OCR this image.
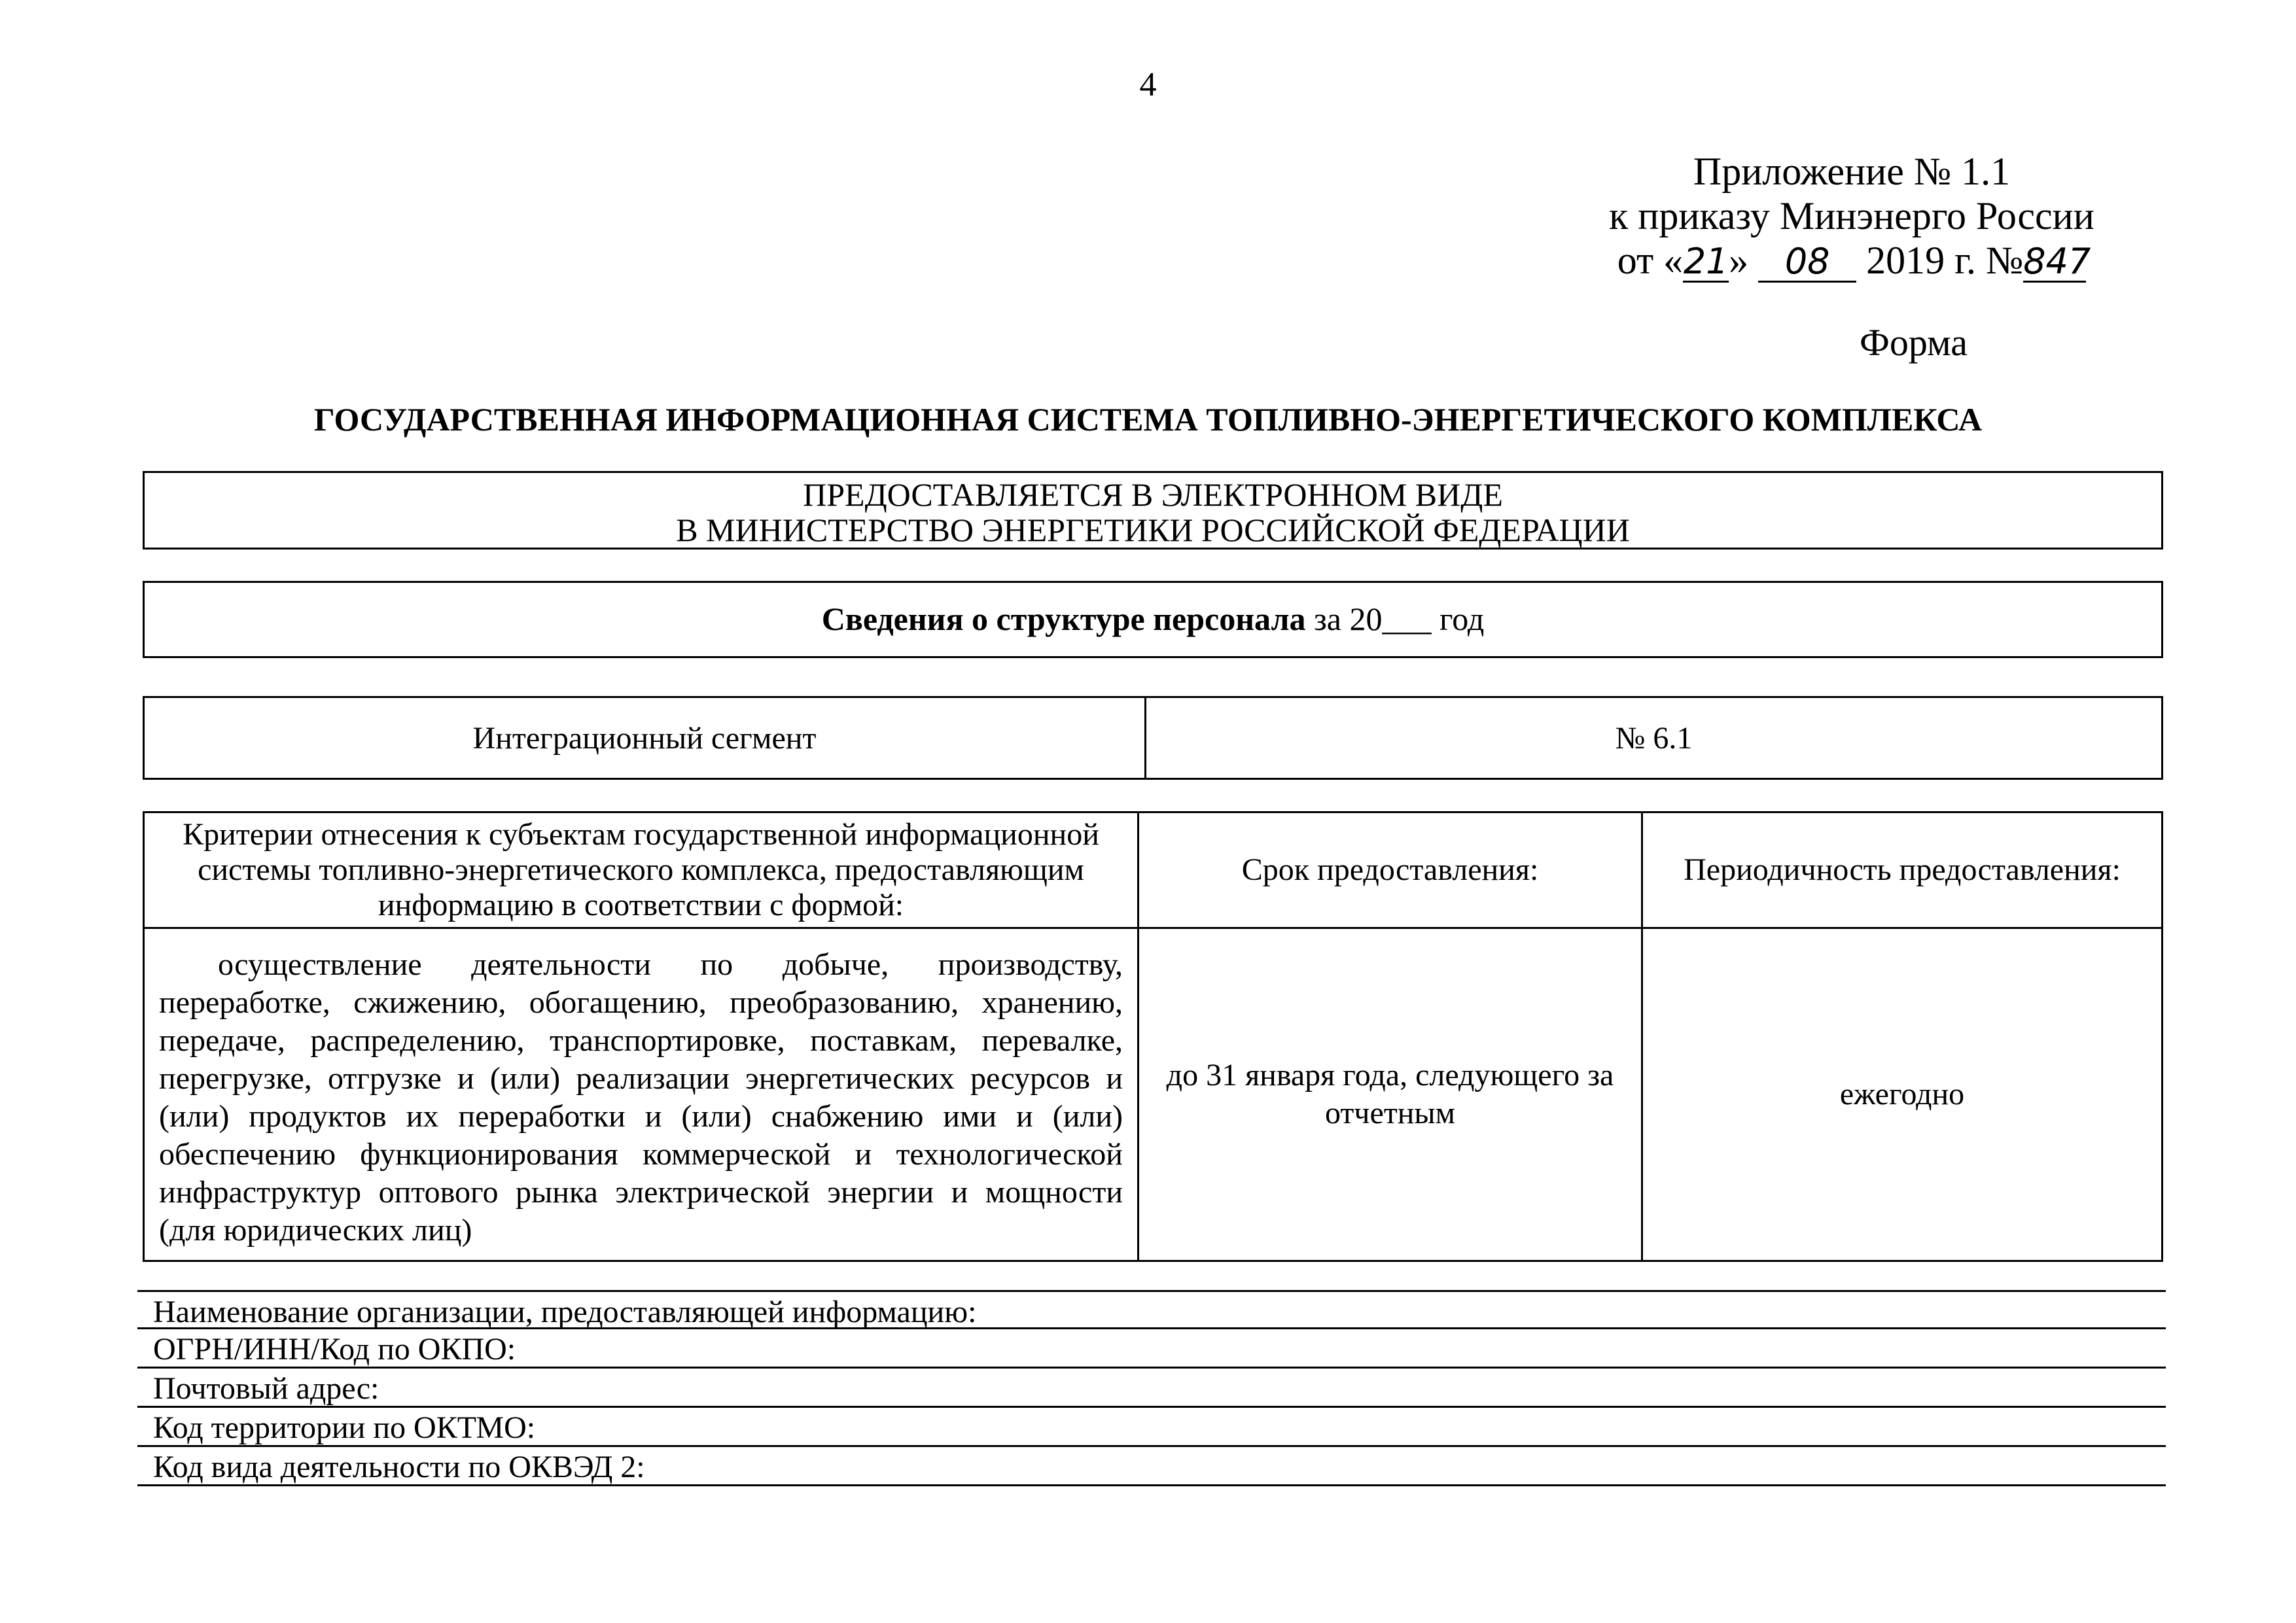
4
Приложение № 1.1
к приказу Минэнерго России
от «21» 08 2019 г. №847
Форма
ГОСУДАРСТВЕННАЯ ИНФОРМАЦИОННАЯ СИСТЕМА ТОПЛИВНО-ЭНЕРГЕТИЧЕСКОГО КОМПЛЕКСА
ПРЕДОСТАВЛЯЕТСЯ В ЭЛЕКТРОННОМ ВИДЕ
В МИНИСТЕРСТВО ЭНЕРГЕТИКИ РОССИЙСКОЙ ФЕДЕРАЦИИ
Сведения о структуре персонала за 20___ год
Интеграционный сегмент	№ 6.1
Критерии отнесения к субъектам государственной информационной системы топливно-энергетического комплекса, предоставляющим информацию в соответствии с формой:	Срок предоставления:	Периодичность предоставления:
осуществление деятельности по добыче, производству, переработке, сжижению, обогащению, преобразованию, хранению, передаче, распределению, транспортировке, поставкам, перевалке, перегрузке, отгрузке и (или) реализации энергетических ресурсов и (или) продуктов их переработки и (или) снабжению ими и (или) обеспечению функционирования коммерческой и технологической инфраструктур оптового рынка электрической энергии и мощности (для юридических лиц)	до 31 января года, следующего за отчетным	ежегодно
Наименование организации, предоставляющей информацию:
ОГРН/ИНН/Код по ОКПО:
Почтовый адрес:
Код территории по ОКТМО:
Код вида деятельности по ОКВЭД 2:
